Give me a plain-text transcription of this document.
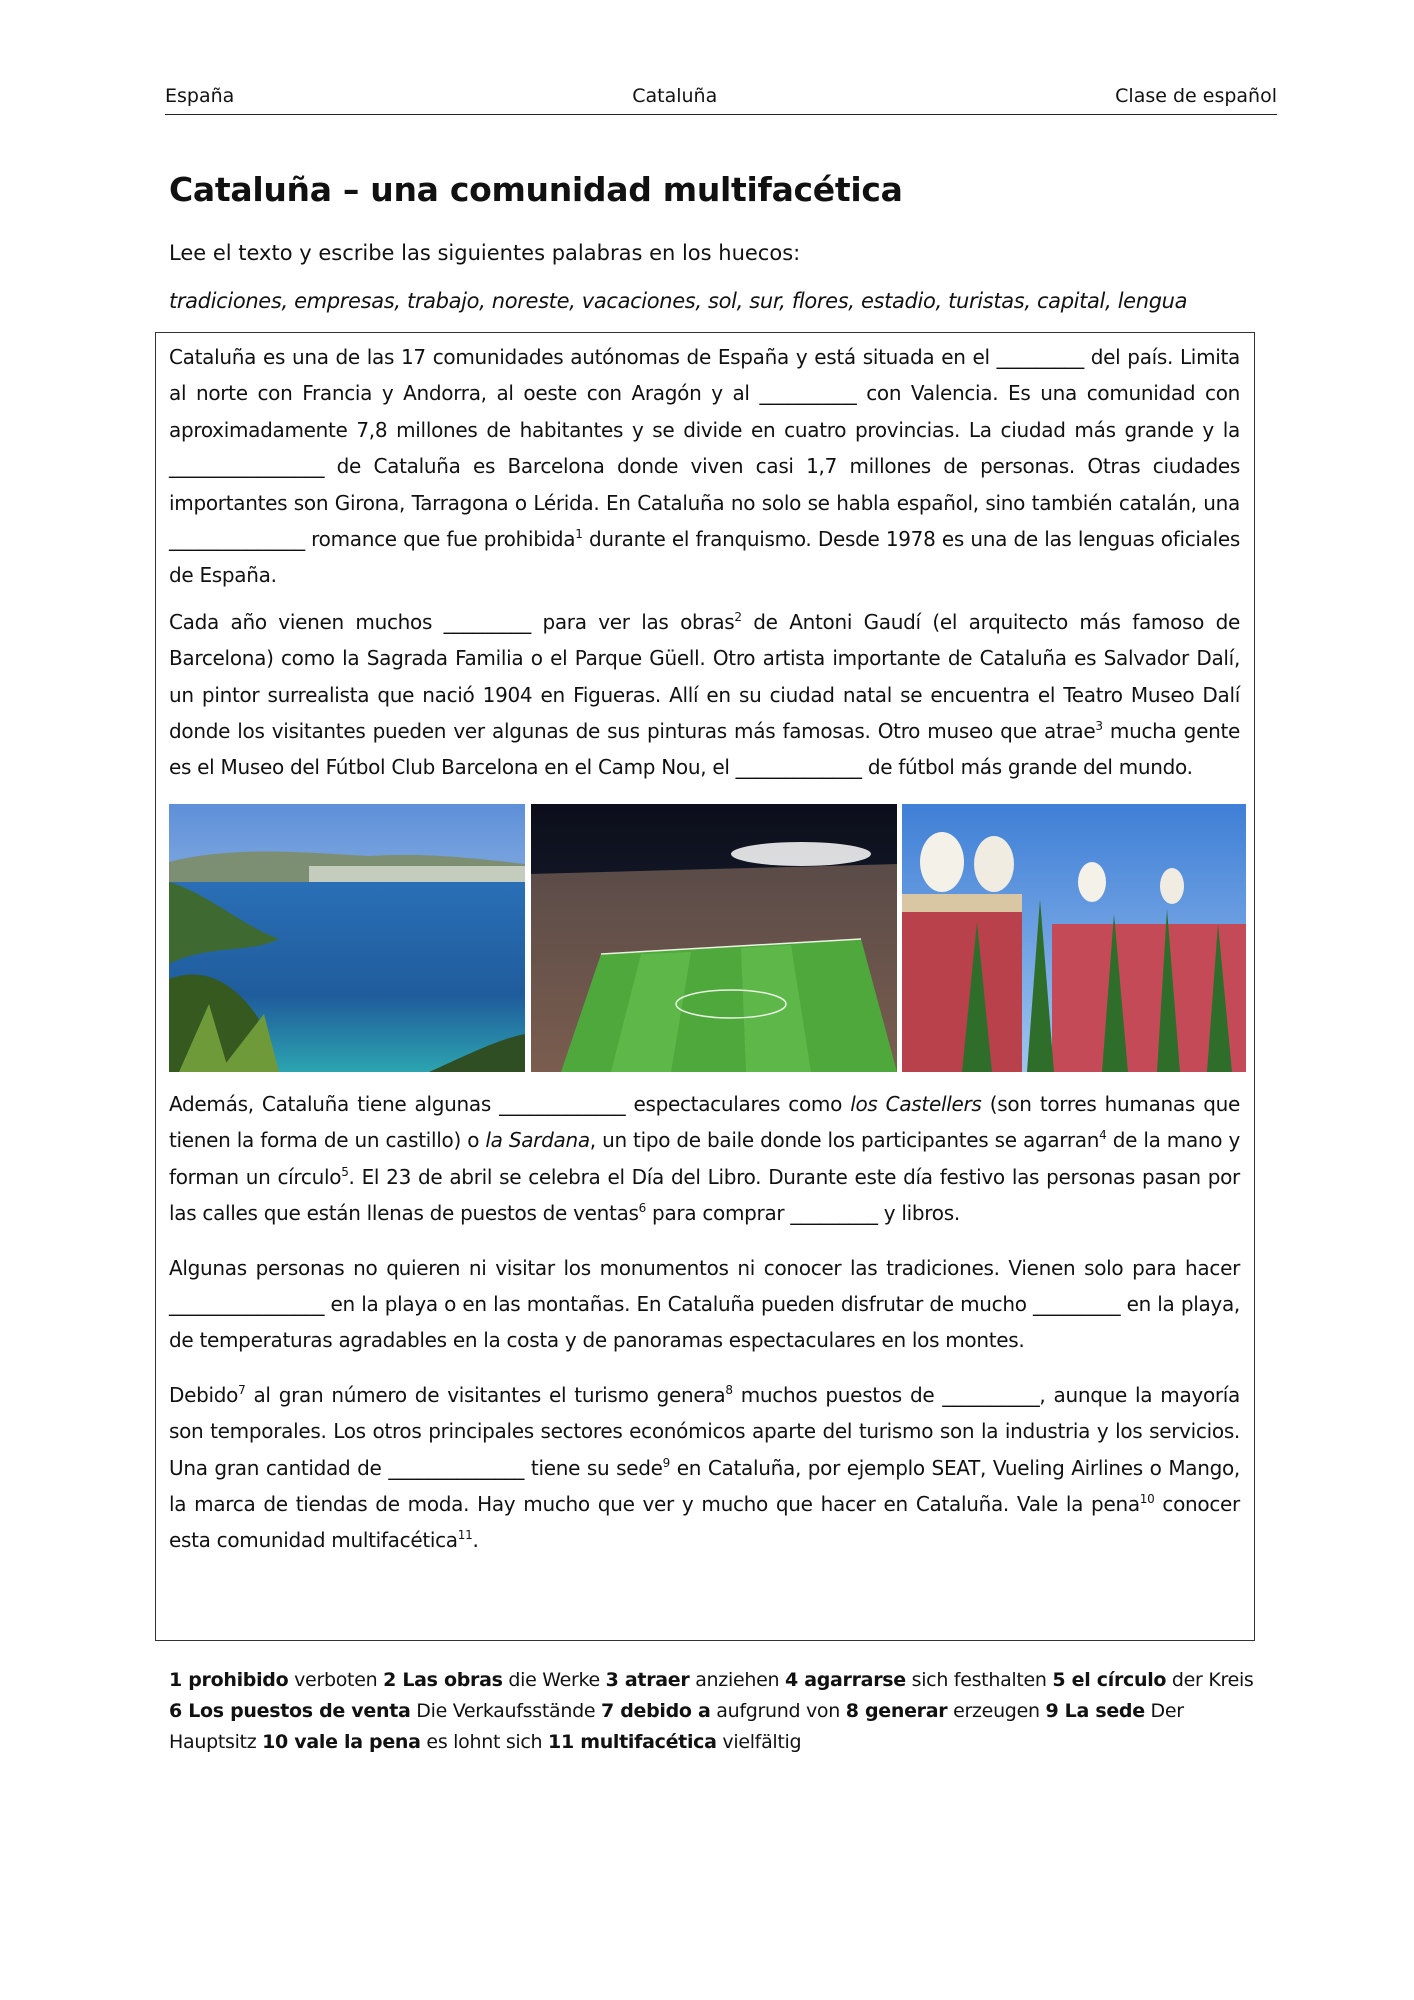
España	Cataluña	Clase de español
Cataluña – una comunidad multifacética
Lee el texto y escribe las siguientes palabras en los huecos:
tradiciones, empresas, trabajo, noreste, vacaciones, sol, sur, flores, estadio, turistas, capital, lengua

Cataluña es una de las 17 comunidades autónomas de España y está situada en el _________ del país. Limita al norte con Francia y Andorra, al oeste con Aragón y al __________ con Valencia. Es una comunidad con aproximadamente 7,8 millones de habitantes y se divide en cuatro provincias. La ciudad más grande y la ________________ de Cataluña es Barcelona donde viven casi 1,7 millones de personas. Otras ciudades importantes son Girona, Tarragona o Lérida. En Cataluña no solo se habla español, sino también catalán, una ______________ romance que fue prohibida$^1$ durante el franquismo. Desde 1978 es una de las lenguas oficiales de España.

Cada año vienen muchos _________ para ver las obras$^2$ de Antoni Gaudí (el arquitecto más famoso de Barcelona) como la Sagrada Familia o el Parque Güell. Otro artista importante de Cataluña es Salvador Dalí, un pintor surrealista que nació 1904 en Figueras. Allí en su ciudad natal se encuentra el Teatro Museo Dalí donde los visitantes pueden ver algunas de sus pinturas más famosas. Otro museo que atrae$^3$ mucha gente es el Museo del Fútbol Club Barcelona en el Camp Nou, el _____________ de fútbol más grande del mundo.

Además, Cataluña tiene algunas _____________ espectaculares como los Castellers (son torres humanas que tienen la forma de un castillo) o la Sardana, un tipo de baile donde los participantes se agarran$^4$ de la mano y forman un círculo$^5$. El 23 de abril se celebra el Día del Libro. Durante este día festivo las personas pasan por las calles que están llenas de puestos de ventas$^6$ para comprar _________ y libros.

Algunas personas no quieren ni visitar los monumentos ni conocer las tradiciones. Vienen solo para hacer ________________ en la playa o en las montañas. En Cataluña pueden disfrutar de mucho _________ en la playa, de temperaturas agradables en la costa y de panoramas espectaculares en los montes.

Debido$^7$ al gran número de visitantes el turismo genera$^8$ muchos puestos de __________, aunque la mayoría son temporales. Los otros principales sectores económicos aparte del turismo son la industria y los servicios. Una gran cantidad de ______________ tiene su sede$^9$ en Cataluña, por ejemplo SEAT, Vueling Airlines o Mango, la marca de tiendas de moda. Hay mucho que ver y mucho que hacer en Cataluña. Vale la pena$^{10}$ conocer esta comunidad multifacética$^{11}$.

1 prohibido verboten 2 Las obras die Werke 3 atraer anziehen 4 agarrarse sich festhalten 5 el círculo der Kreis
6 Los puestos de venta Die Verkaufsstände 7 debido a aufgrund von 8 generar erzeugen 9 La sede Der Hauptsitz 10 vale la pena es lohnt sich 11 multifacética vielfältig
